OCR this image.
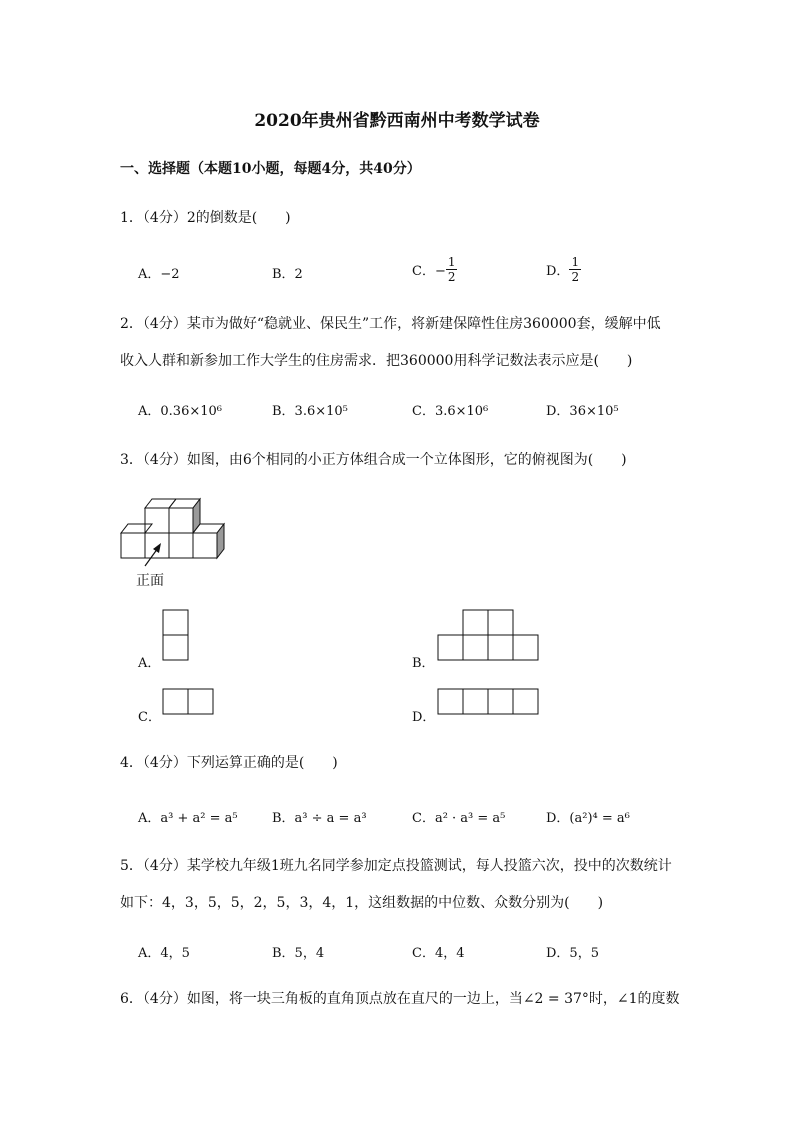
2020年贵州省黔西南州中考数学试卷
一、选择题（本题10小题，每题4分，共40分）
1．（4分）2的倒数是(　　)
A．−2	B．2	C．− $\frac{1}{2}$	D． $\frac{1}{2}$
2．（4分）某市为做好“稳就业、保民生”工作，将新建保障性住房360000套，缓解中低
收入人群和新参加工作大学生的住房需求．把360000用科学记数法表示应是(　　)
A．0.36×10⁶	B．3.6×10⁵	C．3.6×10⁶	D．36×10⁵
3．（4分）如图，由6个相同的小正方体组合成一个立体图形，它的俯视图为(　　)
正面
A．	B．
C．	D．
4．（4分）下列运算正确的是(　　)
A．a³ + a² = a⁵	B．a³ ÷ a = a³	C．a² · a³ = a⁵	D．(a²)⁴ = a⁶
5．（4分）某学校九年级1班九名同学参加定点投篮测试，每人投篮六次，投中的次数统计
如下：4，3，5，5，2，5，3，4，1，这组数据的中位数、众数分别为(　　)
A．4，5	B．5，4	C．4，4	D．5，5
6．（4分）如图，将一块三角板的直角顶点放在直尺的一边上，当∠2 = 37°时，∠1的度数
